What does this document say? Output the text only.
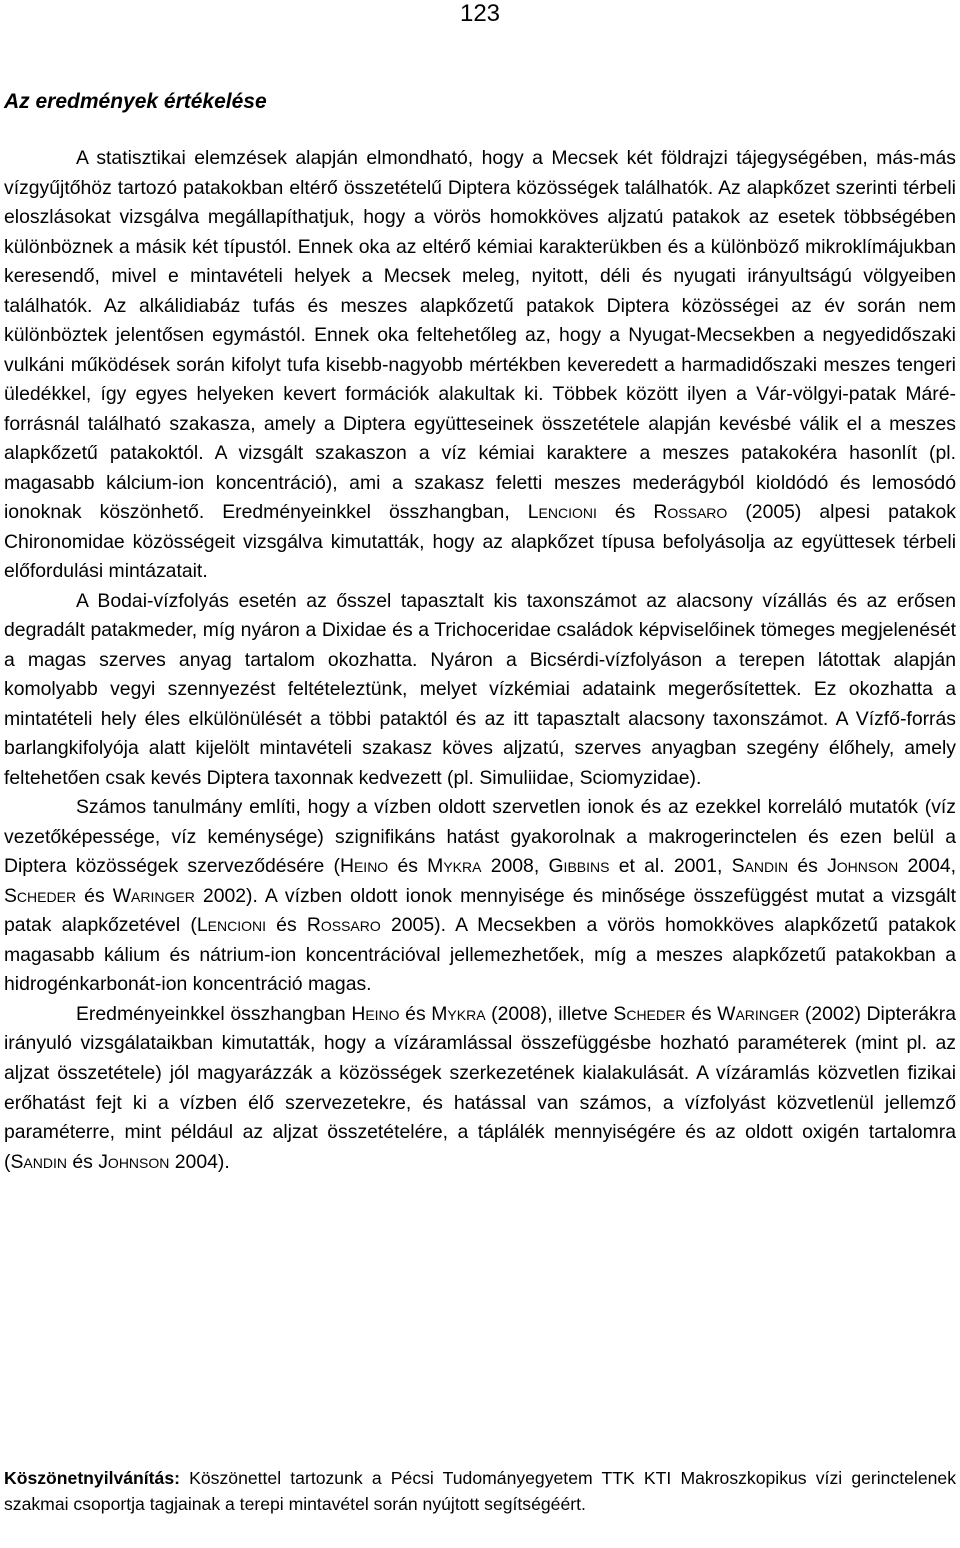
123
Az eredmények értékelése

A statisztikai elemzések alapján elmondható, hogy a Mecsek két földrajzi tájegységében, más-más vízgyűjtőhöz tartozó patakokban eltérő összetételű Diptera közösségek találhatók. Az alapkőzet szerinti térbeli eloszlásokat vizsgálva megállapíthatjuk, hogy a vörös homokköves aljzatú patakok az esetek többségében különböznek a másik két típustól. Ennek oka az eltérő kémiai karakterükben és a különböző mikroklímájukban keresendő, mivel e mintavételi helyek a Mecsek meleg, nyitott, déli és nyugati irányultságú völgyeiben találhatók. Az alkálidiabáz tufás és meszes alapkőzetű patakok Diptera közösségei az év során nem különböztek jelentősen egymástól. Ennek oka feltehetőleg az, hogy a Nyugat-Mecsekben a negyedidőszaki vulkáni működések során kifolyt tufa kisebb-nagyobb mértékben keveredett a harmadidőszaki meszes tengeri üledékkel, így egyes helyeken kevert formációk alakultak ki. Többek között ilyen a Vár-völgyi-patak Máré-forrásnál található szakasza, amely a Diptera együtteseinek összetétele alapján kevésbé válik el a meszes alapkőzetű patakoktól. A vizsgált szakaszon a víz kémiai karaktere a meszes patakokéra hasonlít (pl. magasabb kálcium-ion koncentráció), ami a szakasz feletti meszes mederágyból kioldódó és lemosódó ionoknak köszönhető. Eredményeinkkel összhangban, Lencioni és Rossaro (2005) alpesi patakok Chironomidae közösségeit vizsgálva kimutatták, hogy az alapkőzet típusa befolyásolja az együttesek térbeli előfordulási mintázatait.

A Bodai-vízfolyás esetén az ősszel tapasztalt kis taxonszámot az alacsony vízállás és az erősen degradált patakmeder, míg nyáron a Dixidae és a Trichoceridae családok képviselőinek tömeges megjelenését a magas szerves anyag tartalom okozhatta. Nyáron a Bicsérdi-vízfolyáson a terepen látottak alapján komolyabb vegyi szennyezést feltételeztünk, melyet vízkémiai adataink megerősítettek. Ez okozhatta a mintatételi hely éles elkülönülését a többi pataktól és az itt tapasztalt alacsony taxonszámot. A Vízfő-forrás barlangkifolyója alatt kijelölt mintavételi szakasz köves aljzatú, szerves anyagban szegény élőhely, amely feltehetően csak kevés Diptera taxonnak kedvezett (pl. Simuliidae, Sciomyzidae).

Számos tanulmány említi, hogy a vízben oldott szervetlen ionok és az ezekkel korreláló mutatók (víz vezetőképessége, víz keménysége) szignifikáns hatást gyakorolnak a makrogerinctelen és ezen belül a Diptera közösségek szerveződésére (Heino és Mykra 2008, Gibbins et al. 2001, Sandin és Johnson 2004, Scheder és Waringer 2002). A vízben oldott ionok mennyisége és minősége összefüggést mutat a vizsgált patak alapkőzetével (Lencioni és Rossaro 2005). A Mecsekben a vörös homokköves alapkőzetű patakok magasabb kálium és nátrium-ion koncentrációval jellemezhetőek, míg a meszes alapkőzetű patakokban a hidrogénkarbonát-ion koncentráció magas.

Eredményeinkkel összhangban Heino és Mykra (2008), illetve Scheder és Waringer (2002) Dipterákra irányuló vizsgálataikban kimutatták, hogy a vízáramlással összefüggésbe hozható paraméterek (mint pl. az aljzat összetétele) jól magyarázzák a közösségek szerkezetének kialakulását. A vízáramlás közvetlen fizikai erőhatást fejt ki a vízben élő szervezetekre, és hatással van számos, a vízfolyást közvetlenül jellemző paraméterre, mint például az aljzat összetételére, a táplálék mennyiségére és az oldott oxigén tartalomra (Sandin és Johnson 2004).

Köszönetnyilvánítás: Köszönettel tartozunk a Pécsi Tudományegyetem TTK KTI Makroszkopikus vízi gerinctelenek szakmai csoportja tagjainak a terepi mintavétel során nyújtott segítségéért.
